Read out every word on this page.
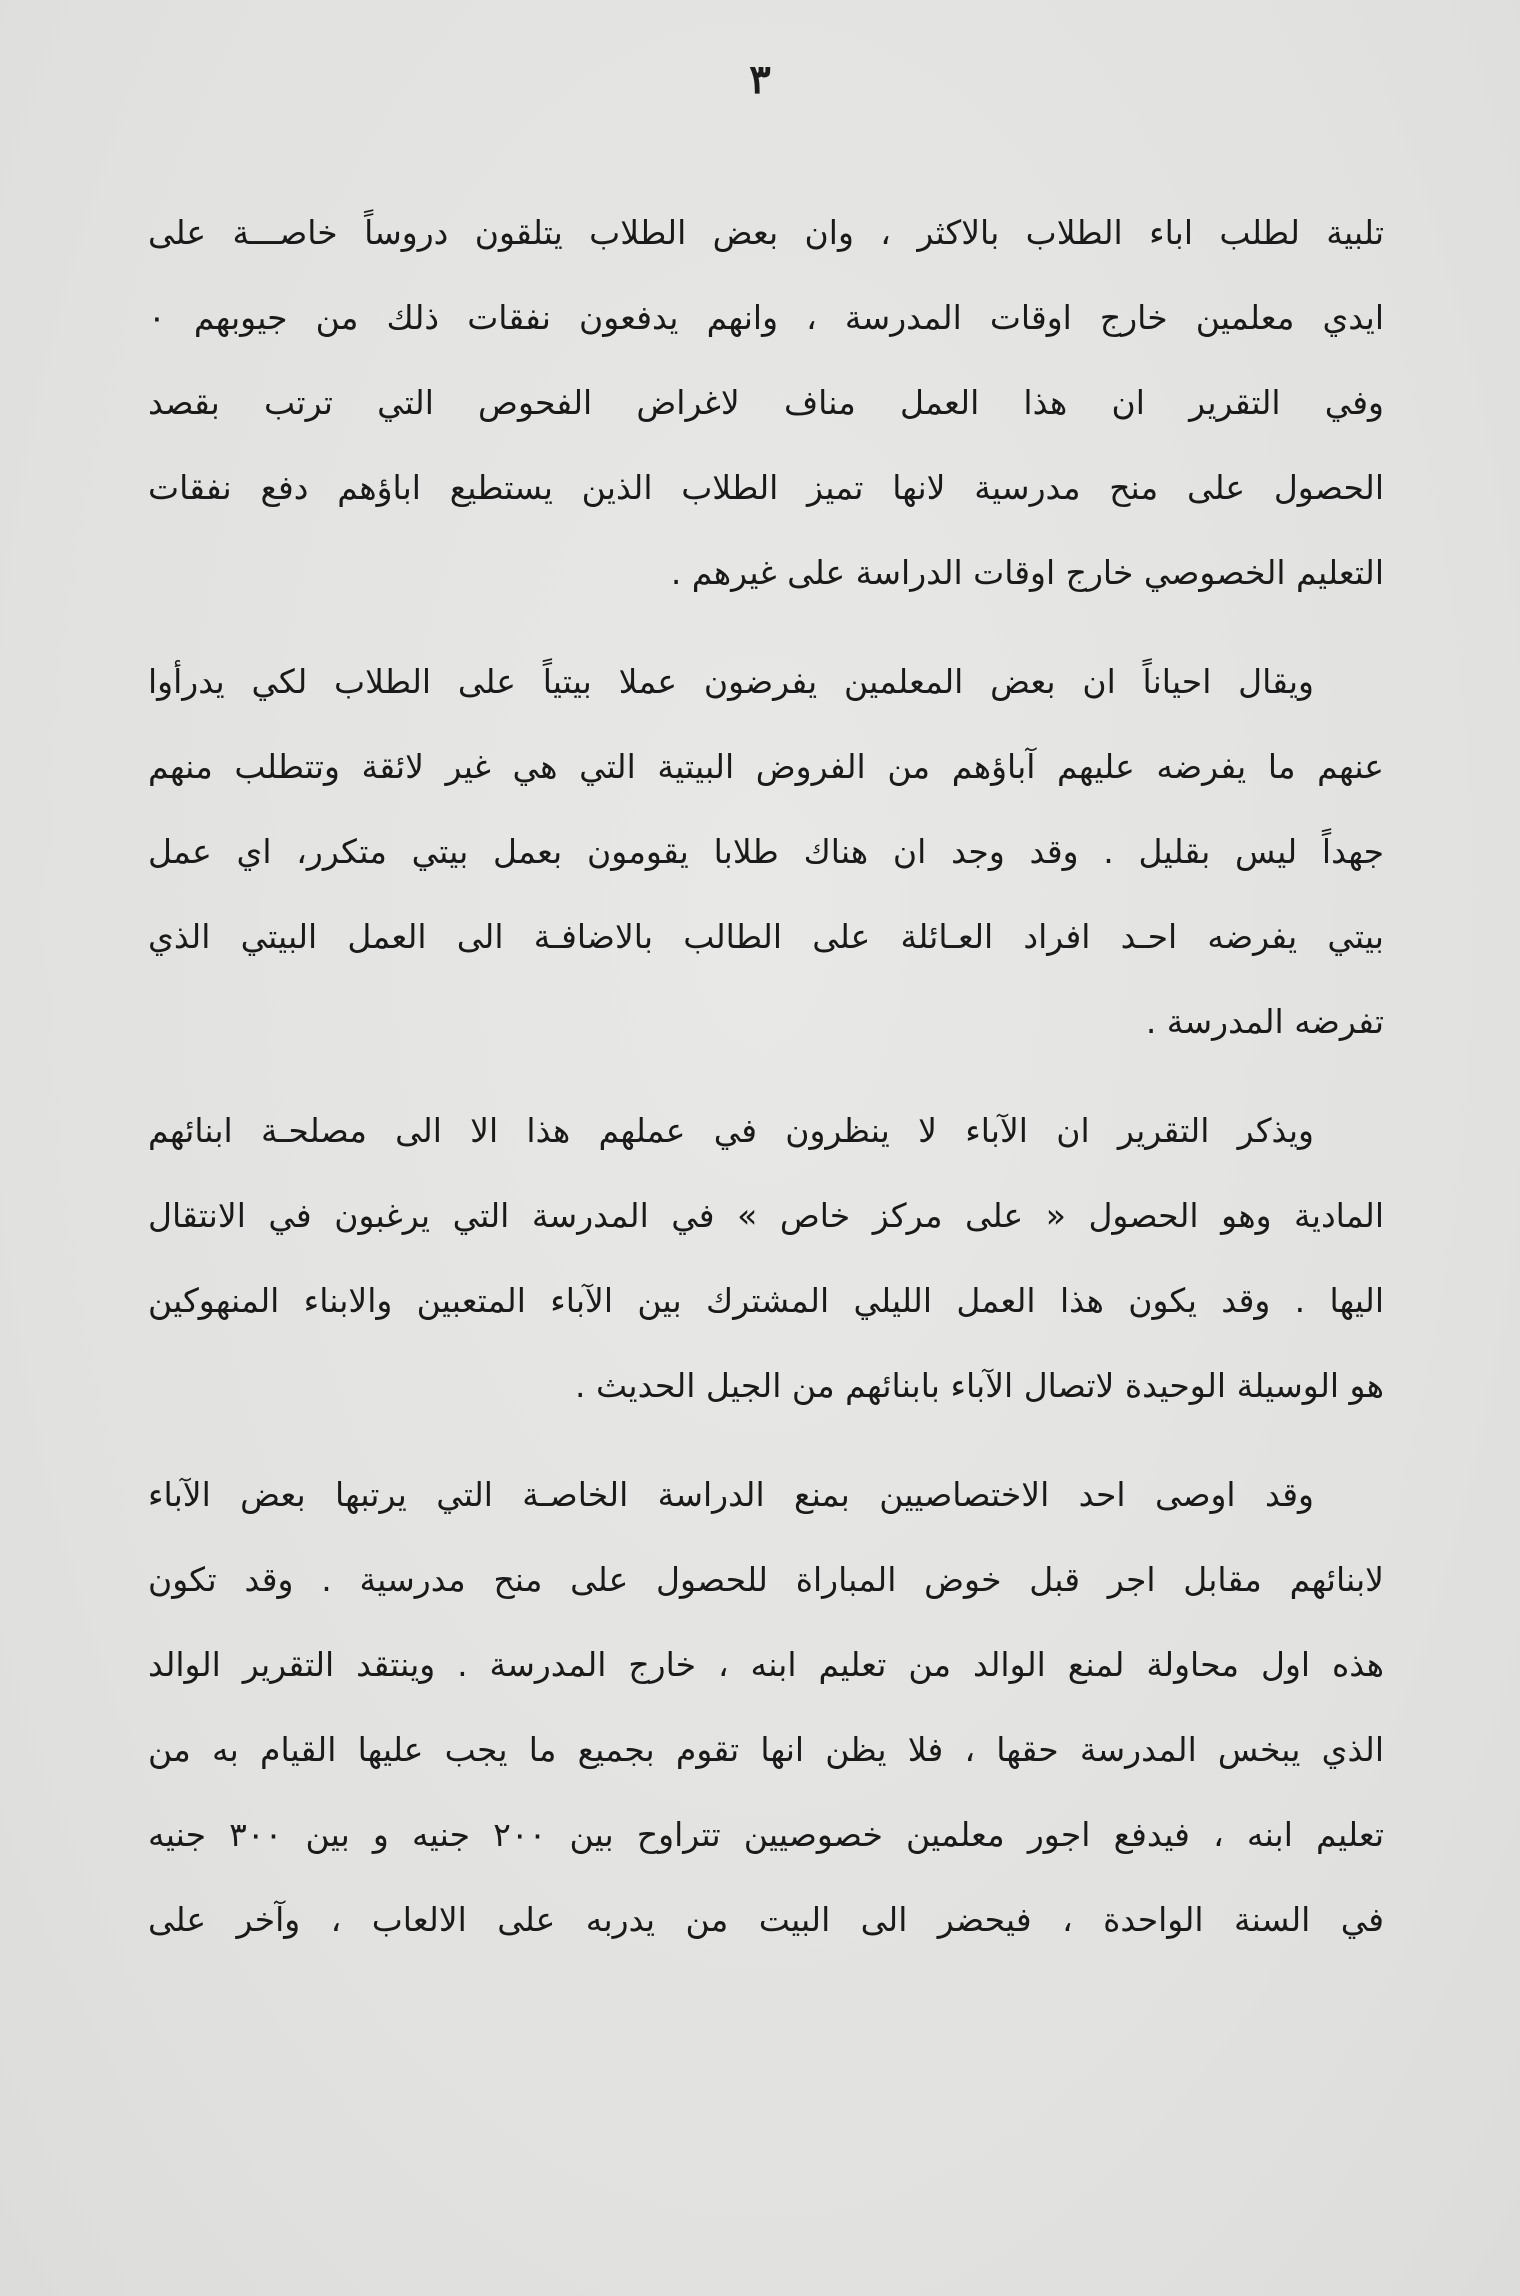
٣
تلبية لطلب اباء الطلاب بالاكثر ، وان بعض الطلاب يتلقون دروساً خاصـــة على
ايدي معلمين خارج اوقات المدرسة ، وانهم يدفعون نفقات ذلك من جيوبهم ٠
وفي التقرير ان هذا العمل مناف لاغراض الفحوص التي ترتب بقصد
الحصول على منح مدرسية لانها تميز الطلاب الذين يستطيع اباؤهم دفع نفقات
التعليم الخصوصي خارج اوقات الدراسة على غيرهم .
ويقال احياناً ان بعض المعلمين يفرضون عملا بيتياً على الطلاب لكي يدرأوا
عنهم ما يفرضه عليهم آباؤهم من الفروض البيتية التي هي غير لائقة وتتطلب منهم
جهداً ليس بقليل . وقد وجد ان هناك طلابا يقومون بعمل بيتي متكرر، اي عمل
بيتي يفرضه احـد افراد العـائلة على الطالب بالاضافـة الى العمل البيتي الذي
تفرضه المدرسة .
ويذكر التقرير ان الآباء لا ينظرون في عملهم هذا الا الى مصلحـة ابنائهم
المادية وهو الحصول « على مركز خاص » في المدرسة التي يرغبون في الانتقال
اليها . وقد يكون هذا العمل الليلي المشترك بين الآباء المتعبين والابناء المنهوكين
هو الوسيلة الوحيدة لاتصال الآباء بابنائهم من الجيل الحديث .
وقد اوصى احد الاختصاصيين بمنع الدراسة الخاصـة التي يرتبها بعض الآباء
لابنائهم مقابل اجر قبل خوض المباراة للحصول على منح مدرسية . وقد تكون
هذه اول محاولة لمنع الوالد من تعليم ابنه ، خارج المدرسة . وينتقد التقرير الوالد
الذي يبخس المدرسة حقها ، فلا يظن انها تقوم بجميع ما يجب عليها القيام به من
تعليم ابنه ، فيدفع اجور معلمين خصوصيين تتراوح بين ٢٠٠ جنيه و بين ٣٠٠ جنيه
في السنة الواحدة ، فيحضر الى البيت من يدربه على الالعاب ، وآخر على
